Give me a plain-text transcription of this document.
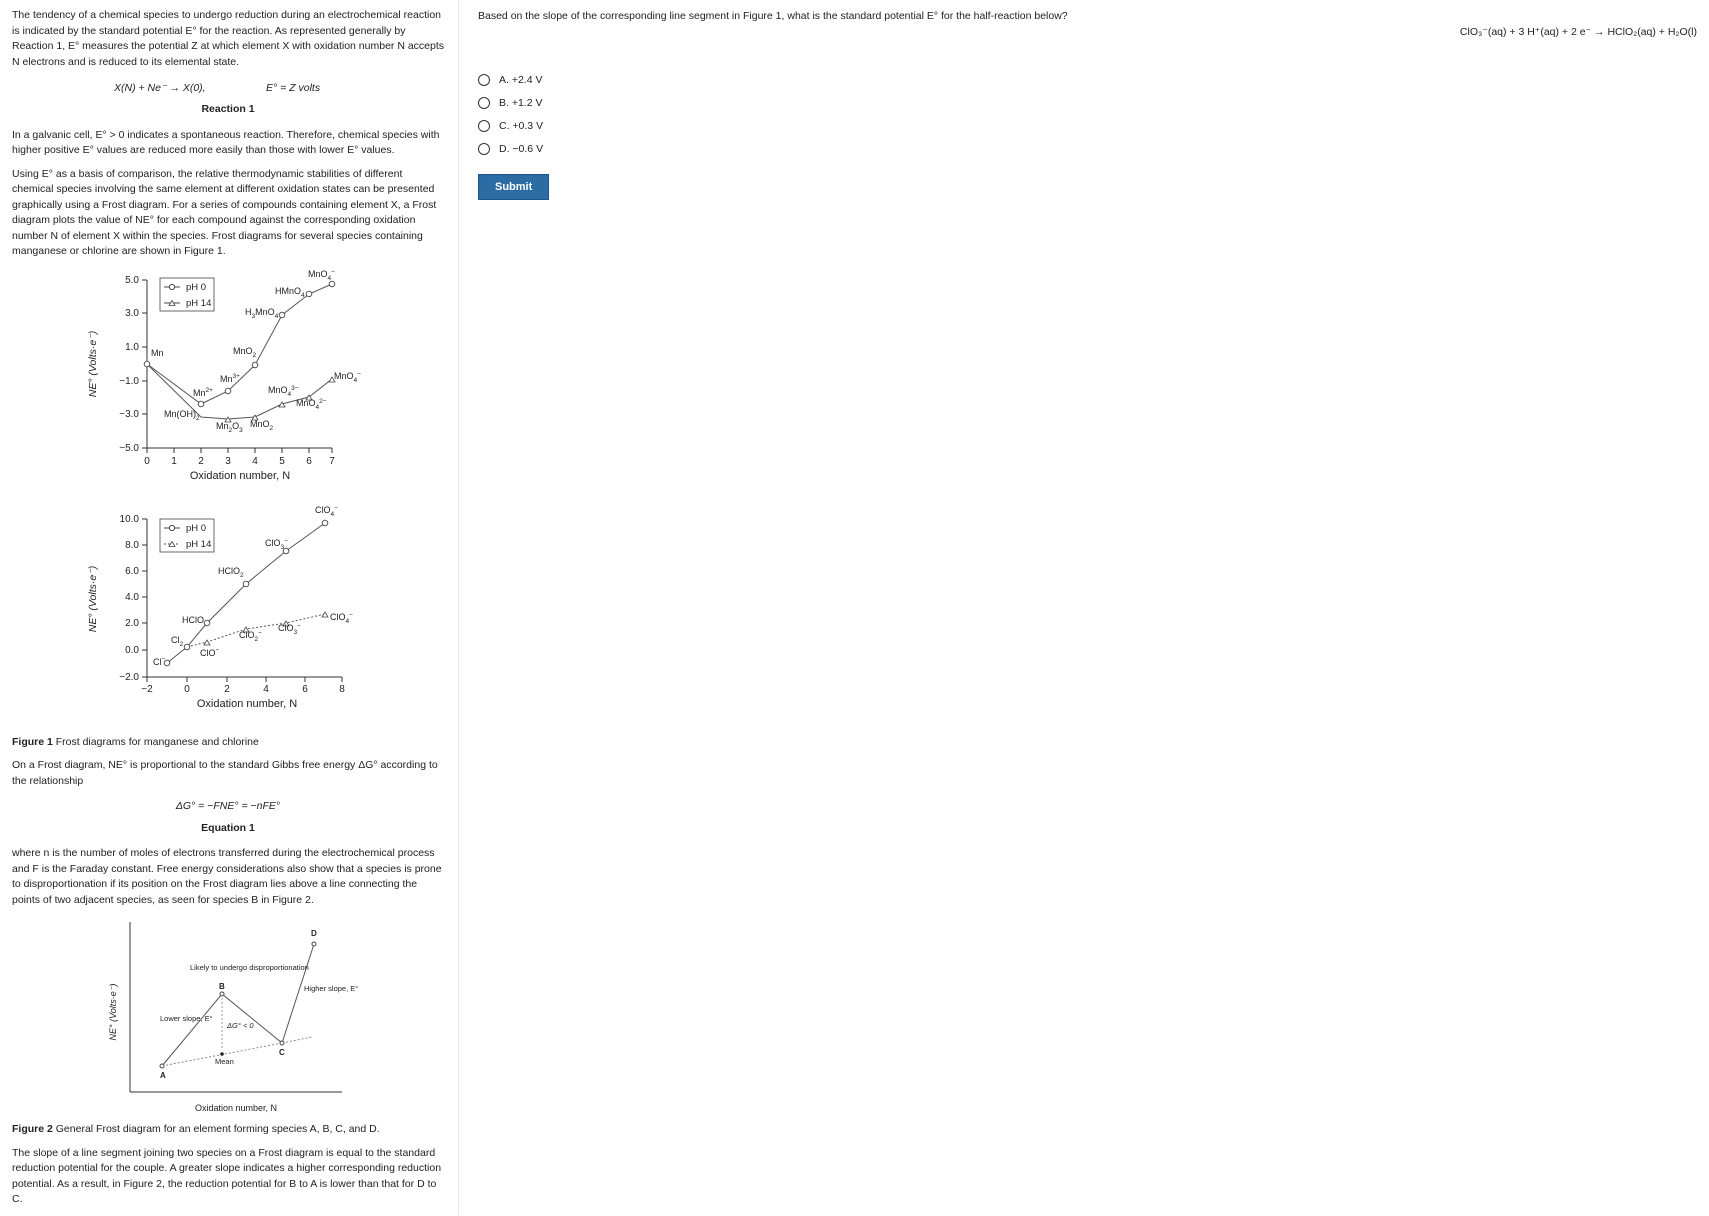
The tendency of a chemical species to undergo reduction during an electrochemical reaction is indicated by the standard potential E° for the reaction. As represented generally by Reaction 1, E° measures the potential Z at which element X with oxidation number N accepts N electrons and is reduced to its elemental state.

X(N) + Ne⁻ → X(0),	E° = Z volts
Reaction 1

In a galvanic cell, E° > 0 indicates a spontaneous reaction. Therefore, chemical species with higher positive E° values are reduced more easily than those with lower E° values.

Using E° as a basis of comparison, the relative thermodynamic stabilities of different chemical species involving the same element at different oxidation states can be presented graphically using a Frost diagram. For a series of compounds containing element X, a Frost diagram plots the value of NE° for each compound against the corresponding oxidation number N of element X within the species. Frost diagrams for several species containing manganese or chlorine are shown in Figure 1.

5.0
3.0
1.0
−1.0
−3.0
−5.0
0 1 2 3 4 5 6 7
Oxidation number, N
NE° (Volts·e⁻)
pH 0
pH 14
Mn
$Mn^{2+}$
$Mn^{3+}$
MnO$_2$
$H_3MnO_4$
HMnO$_4$
MnO$_4$−
$Mn(OH)_2$
$Mn_2O_3$
MnO$_2$
MnO$_4^{3-}$
MnO$_4^{2-}$
MnO$_4$−
10.0
8.0
6.0
4.0
2.0
0.0
−2.0
−2	0	2	4	6	8
Oxidation number, N
NE° (Volts·e⁻)
pH 0
pH 14
Cl−
$Cl_2$
HClO
HClO$_2$
ClO$_3$−
ClO$_4$−
ClO−
ClO$_2$−
ClO$_3$−
ClO$_4$−

Figure 1 Frost diagrams for manganese and chlorine

On a Frost diagram, NE° is proportional to the standard Gibbs free energy ΔG° according to the relationship

ΔG° = −FNE° = −nFE°
Equation 1

where n is the number of moles of electrons transferred during the electrochemical process and F is the Faraday constant. Free energy considerations also show that a species is prone to disproportionation if its position on the Frost diagram lies above a line connecting the points of two adjacent species, as seen for species B in Figure 2.

Oxidation number, N
NE° (Volts·e⁻)
A
B
C
D
Likely to undergo disproportionation
Lower slope, E°
Higher slope, E°
ΔG° < 0
Mean

Figure 2 General Frost diagram for an element forming species A, B, C, and D.

The slope of a line segment joining two species on a Frost diagram is equal to the standard reduction potential for the couple. A greater slope indicates a higher corresponding reduction potential. As a result, in Figure 2, the reduction potential for B to A is lower than that for D to C.

Based on the slope of the corresponding line segment in Figure 1, what is the standard potential E° for the half-reaction below?
A. +2.4 V
B. +1.2 V
C. +0.3 V
D. −0.6 V
Submit
ClO₃⁻(aq) + 3 H⁺(aq) + 2 e⁻ → HClO₂(aq) + H₂O(l)
